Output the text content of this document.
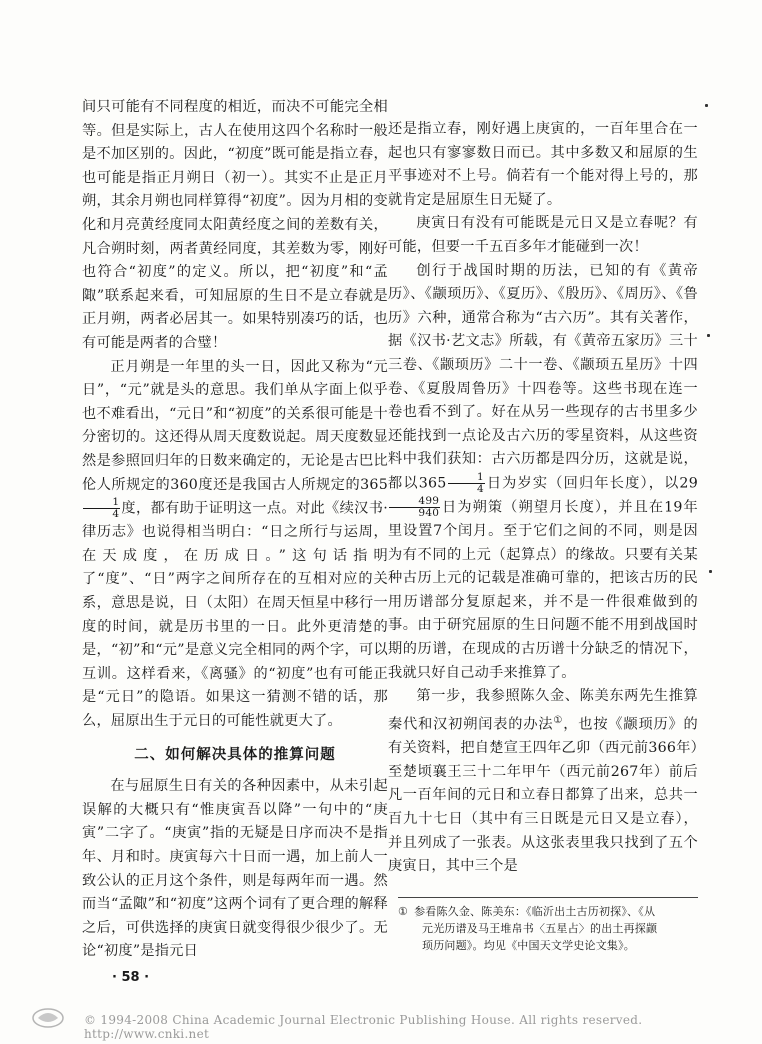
间只可能有不同程度的相近，而决不可能完全相等。但是实际上，古人在使用这四个名称时一般是不加区别的。因此，“初度”既可能是指立春，也可能是指正月朔日（初一）。其实不止是正月朔，其余月朔也同样算得“初度”。因为月相的变化和月亮黄经度同太阳黄经度之间的差数有关，凡合朔时刻，两者黄经同度，其差数为零，刚好也符合“初度”的定义。所以，把“初度”和“孟陬”联系起来看，可知屈原的生日不是立春就是正月朔，两者必居其一。如果特别凑巧的话，也有可能是两者的合璧！

正月朔是一年里的头一日，因此又称为“元日”，“元”就是头的意思。我们单从字面上似乎也不难看出，“元日”和“初度”的关系很可能是十分密切的。这还得从周天度数说起。周天度数显然是参照回归年的日数来确定的，无论是古巴比伦人所规定的360度还是我国古人所规定的365
$\frac{1}{4}$ 度，都有助于证明这一点。对此《续汉书·律历志》也说得相当明白：“日之所行与运周，在天成度，在历成日。”这句话指明了“度”、“日”两字之间所存在的互相对应的关系，意思是说，日（太阳）在周天恒星中移行一度的时间，就是历书里的一日。此外更清楚的是，“初”和“元”是意义完全相同的两个字，可以互训。这样看来，《离骚》的“初度”也有可能正是“元日”的隐语。如果这一猜测不错的话，那么，屈原出生于元日的可能性就更大了。

二、如何解决具体的推算问题

在与屈原生日有关的各种因素中，从未引起误解的大概只有“惟庚寅吾以降”一句中的“庚寅”二字了。“庚寅”指的无疑是日序而决不是指年、月和时。庚寅每六十日而一遇，加上前人一致公认的正月这个条件，则是每两年而一遇。然而当“孟陬”和“初度”这两个词有了更合理的解释之后，可供选择的庚寅日就变得很少很少了。无论“初度”是指元日

还是指立春，刚好遇上庚寅的，一百年里合在一起也只有寥寥数日而已。其中多数又和屈原的生平事迹对不上号。倘若有一个能对得上号的，那就肯定是屈原生日无疑了。

庚寅日有没有可能既是元日又是立春呢？有可能，但要一千五百多年才能碰到一次！

创行于战国时期的历法，已知的有《黄帝历》、《颛顼历》、《夏历》、《殷历》、《周历》、《鲁历》六种，通常合称为“古六历”。其有关著作，据《汉书·艺文志》所载，有《黄帝五家历》三十三卷、《颛顼历》二十一卷、《颛顼五星历》十四卷、《夏殷周鲁历》十四卷等。这些书现在连一卷也看不到了。好在从另一些现存的古书里多少还能找到一点论及古六历的零星资料，从这些资料中我们获知：古六历都是四分历，这就是说，都以$365 \frac{1}{4}$ 日为岁实（回归年长度），以29
$\frac{499}{940}$ 日为朔策（朔望月长度），并且在19年里设置7个闰月。至于它们之间的不同，则是因为有不同的上元（起算点）的缘故。只要有关某种古历上元的记载是准确可靠的，把该古历的民用历谱部分复原起来，并不是一件很难做到的事。由于研究屈原的生日问题不能不用到战国时期的历谱，在现成的古历谱十分缺乏的情况下，我就只好自己动手来推算了。

第一步，我参照陈久金、陈美东两先生推算秦代和汉初朔闰表的办法①，也按《颛顼历》的有关资料，把自楚宣王四年乙卯（西元前366年）至楚顷襄王三十二年甲午（西元前267年）前后凡一百年间的元日和立春日都算了出来，总共一百九十七日（其中有三日既是元日又是立春），并且列成了一张表。从这张表里我只找到了五个庚寅日，其中三个是

① 参看陈久金、陈美东：《临沂出土古历初探》、《从
元光历谱及马王堆帛书〈五星占〉的出土再探颛
顼历问题》。均见《中国天文学史论文集》。
· 58 ·
© 1994-2008 China Academic Journal Electronic Publishing House. All rights reserved. http://www.cnki.net
